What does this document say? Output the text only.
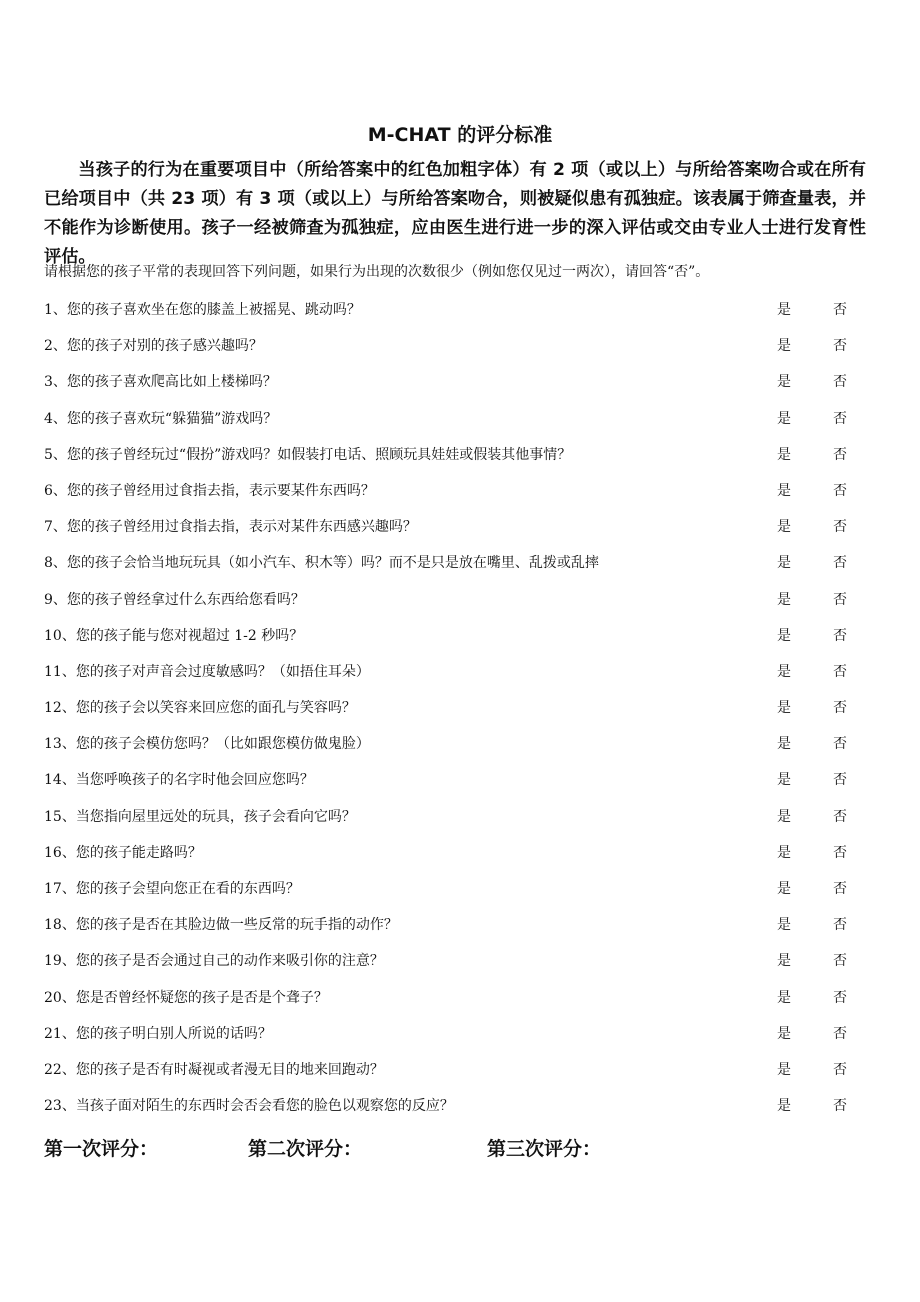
M-CHAT 的评分标准

当孩子的行为在重要项目中（所给答案中的红色加粗字体）有 2 项（或以上）与所给答案吻合或在所有已给项目中（共 23 项）有 3 项（或以上）与所给答案吻合，则被疑似患有孤独症。该表属于筛查量表，并不能作为诊断使用。孩子一经被筛查为孤独症，应由医生进行进一步的深入评估或交由专业人士进行发育性评估。

请根据您的孩子平常的表现回答下列问题，如果行为出现的次数很少（例如您仅见过一两次），请回答“否”。
1、您的孩子喜欢坐在您的膝盖上被摇晃、跳动吗？	是	否
2、您的孩子对别的孩子感兴趣吗？	是	否
3、您的孩子喜欢爬高比如上楼梯吗？	是	否
4、您的孩子喜欢玩“躲猫猫”游戏吗？	是	否
5、您的孩子曾经玩过“假扮”游戏吗？如假装打电话、照顾玩具娃娃或假装其他事情？	是	否
6、您的孩子曾经用过食指去指，表示要某件东西吗？	是	否
7、您的孩子曾经用过食指去指，表示对某件东西感兴趣吗？	是	否
8、您的孩子会恰当地玩玩具（如小汽车、积木等）吗？而不是只是放在嘴里、乱拨或乱摔	是	否
9、您的孩子曾经拿过什么东西给您看吗？	是	否
10、您的孩子能与您对视超过 1-2 秒吗？	是	否
11、您的孩子对声音会过度敏感吗？（如捂住耳朵）	是	否
12、您的孩子会以笑容来回应您的面孔与笑容吗？	是	否
13、您的孩子会模仿您吗？（比如跟您模仿做鬼脸）	是	否
14、当您呼唤孩子的名字时他会回应您吗？	是	否
15、当您指向屋里远处的玩具，孩子会看向它吗？	是	否
16、您的孩子能走路吗？	是	否
17、您的孩子会望向您正在看的东西吗？	是	否
18、您的孩子是否在其脸边做一些反常的玩手指的动作？	是	否
19、您的孩子是否会通过自己的动作来吸引你的注意？	是	否
20、您是否曾经怀疑您的孩子是否是个聋子？	是	否
21、您的孩子明白别人所说的话吗？	是	否
22、您的孩子是否有时凝视或者漫无目的地来回跑动？	是	否
23、当孩子面对陌生的东西时会否会看您的脸色以观察您的反应？	是	否
第一次评分：	第二次评分：	第三次评分：
